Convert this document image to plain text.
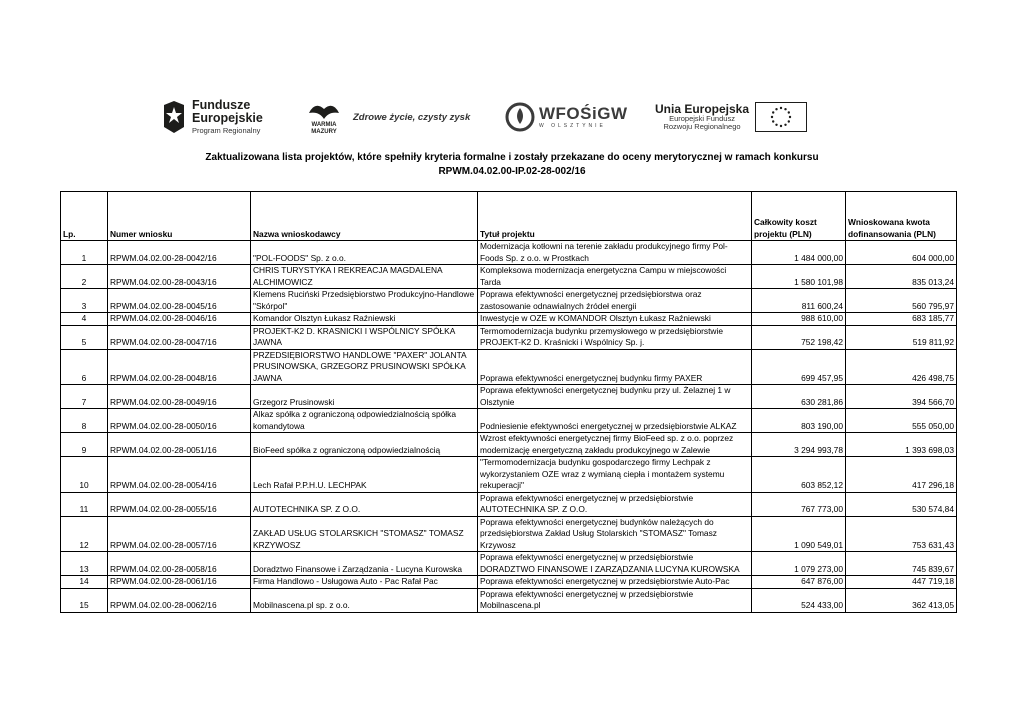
Fundusze
Europejskie
Program Regionalny
WARMIA
MAZURY
Zdrowe życie, czysty zysk	WFOŚiGW
W OLSZTYNIE
Unia Europejska
Europejski Fundusz
Rozwoju Regionalnego
Zaktualizowana lista projektów, które spełniły kryteria formalne i zostały przekazane do oceny merytorycznej w ramach konkursu
RPWM.04.02.00-IP.02-28-002/16
Lp.	Numer wniosku	Nazwa wnioskodawcy	Tytuł projektu	Całkowity koszt projektu (PLN)	Wnioskowana kwota dofinansowania (PLN)
1	RPWM.04.02.00-28-0042/16	"POL-FOODS" Sp. z o.o.	Modernizacja kotłowni na terenie zakładu produkcyjnego firmy Pol-Foods Sp. z o.o. w Prostkach	1 484 000,00	604 000,00
2	RPWM.04.02.00-28-0043/16	CHRIS TURYSTYKA I REKREACJA MAGDALENA ALCHIMOWICZ	Kompleksowa modernizacja energetyczna Campu w miejscowości Tarda	1 580 101,98	835 013,24
3	RPWM.04.02.00-28-0045/16	Klemens Ruciński Przedsiębiorstwo Produkcyjno-Handlowe "Skórpol"	Poprawa efektywności energetycznej przedsiębiorstwa oraz zastosowanie odnawialnych źródeł energii	811 600,24	560 795,97
4	RPWM.04.02.00-28-0046/16	Komandor Olsztyn Łukasz Raźniewski	Inwestycje w OZE w KOMANDOR Olsztyn Łukasz Raźniewski	988 610,00	683 185,77
5	RPWM.04.02.00-28-0047/16	PROJEKT-K2 D. KRASNICKI I WSPÓLNICY SPÓŁKA JAWNA	Termomodernizacja budynku przemysłowego w przedsiębiorstwie PROJEKT-K2 D. Kraśnicki i Wspólnicy Sp. j.	752 198,42	519 811,92
6	RPWM.04.02.00-28-0048/16	PRZEDSIĘBIORSTWO HANDLOWE "PAXER" JOLANTA PRUSINOWSKA, GRZEGORZ PRUSINOWSKI SPÓŁKA JAWNA	Poprawa efektywności energetycznej budynku firmy PAXER	699 457,95	426 498,75
7	RPWM.04.02.00-28-0049/16	Grzegorz Prusinowski	Poprawa efektywności energetycznej budynku przy ul. Żelaznej 1 w Olsztynie	630 281,86	394 566,70
8	RPWM.04.02.00-28-0050/16	Alkaz spółka z ograniczoną odpowiedzialnością spółka komandytowa	Podniesienie efektywności energetycznej w przedsiębiorstwie ALKAZ	803 190,00	555 050,00
9	RPWM.04.02.00-28-0051/16	BioFeed spółka z ograniczoną odpowiedzialnością	Wzrost efektywności energetycznej firmy BioFeed sp. z o.o. poprzez modernizację energetyczną zakładu produkcyjnego w Zalewie	3 294 993,78	1 393 698,03
10	RPWM.04.02.00-28-0054/16	Lech Rafał P.P.H.U. LECHPAK	"Termomodernizacja budynku gospodarczego firmy Lechpak z wykorzystaniem OZE wraz z wymianą ciepła i montażem systemu rekuperacji"	603 852,12	417 296,18
11	RPWM.04.02.00-28-0055/16	AUTOTECHNIKA SP. Z O.O.	Poprawa efektywności energetycznej w przedsiębiorstwie AUTOTECHNIKA SP. Z O.O.	767 773,00	530 574,84
12	RPWM.04.02.00-28-0057/16	ZAKŁAD USŁUG STOLARSKICH "STOMASZ" TOMASZ KRZYWOSZ	Poprawa efektywności energetycznej budynków należących do przedsiębiorstwa Zakład Usług Stolarskich "STOMASZ" Tomasz Krzywosz	1 090 549,01	753 631,43
13	RPWM.04.02.00-28-0058/16	Doradztwo Finansowe i Zarządzania - Lucyna Kurowska	Poprawa efektywności energetycznej w przedsiębiorstwie DORADZTWO FINANSOWE I ZARZĄDZANIA LUCYNA KUROWSKA	1 079 273,00	745 839,67
14	RPWM.04.02.00-28-0061/16	Firma Handlowo - Usługowa Auto - Pac Rafał Pac	Poprawa efektywności energetycznej w przedsiębiorstwie Auto-Pac	647 876,00	447 719,18
15	RPWM.04.02.00-28-0062/16	Mobilnascena.pl sp. z o.o.	Poprawa efektywności energetycznej w przedsiębiorstwie Mobilnascena.pl	524 433,00	362 413,05
